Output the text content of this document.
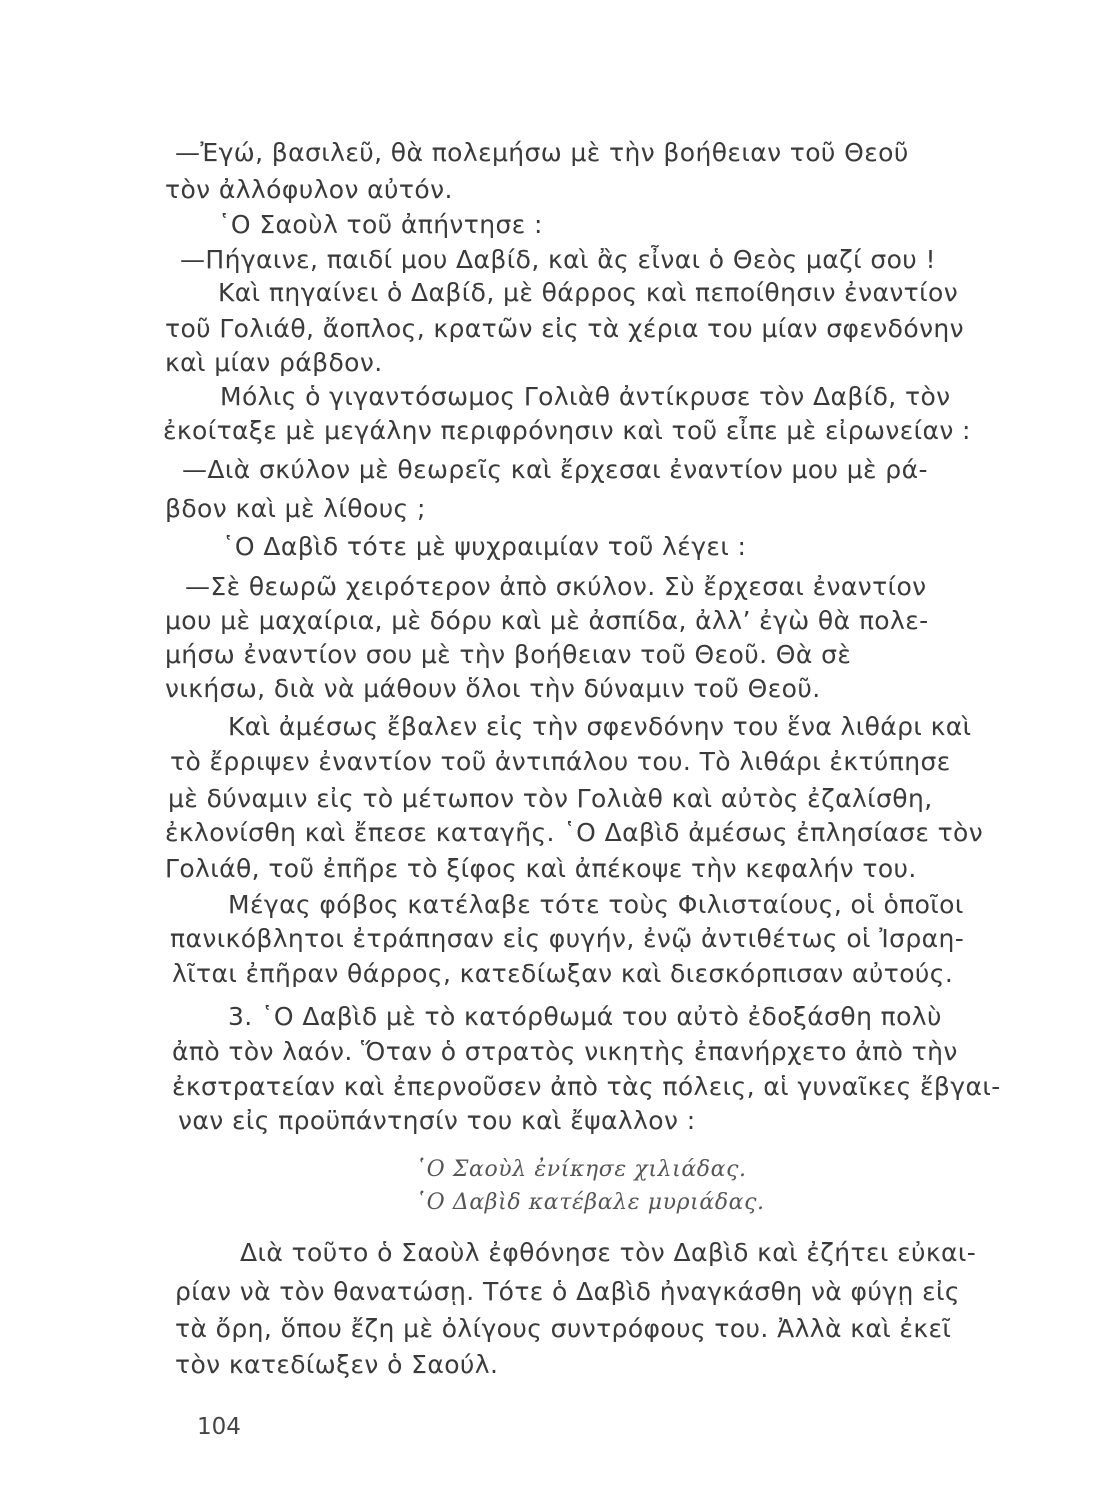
—Ἐγώ, βασιλεῦ, θὰ πολεμήσω μὲ τὴν βοήθειαν τοῦ Θεοῦ
τὸν ἀλλόφυλον αὐτόν.
῾Ο Σαοὺλ τοῦ ἀπήντησε :
—Πήγαινε, παιδί μου Δαβίδ, καὶ ἂς εἶναι ὁ Θεὸς μαζί σου !
Καὶ πηγαίνει ὁ Δαβίδ, μὲ θάρρος καὶ πεποίθησιν ἐναντίον
τοῦ Γολιάθ, ἄοπλος, κρατῶν εἰς τὰ χέρια του μίαν σφενδόνην
καὶ μίαν ράβδον.
Μόλις ὁ γιγαντόσωμος Γολιὰθ ἀντίκρυσε τὸν Δαβίδ, τὸν
ἐκοίταξε μὲ μεγάλην περιφρόνησιν καὶ τοῦ εἶπε μὲ εἰρωνείαν :
—Διὰ σκύλον μὲ θεωρεῖς καὶ ἔρχεσαι ἐναντίον μου μὲ ρά-
βδον καὶ μὲ λίθους ;
῾Ο Δαβὶδ τότε μὲ ψυχραιμίαν τοῦ λέγει :
—Σὲ θεωρῶ χειρότερον ἀπὸ σκύλον. Σὺ ἔρχεσαι ἐναντίον
μου μὲ μαχαίρια, μὲ δόρυ καὶ μὲ ἀσπίδα, ἀλλ’ ἐγὼ θὰ πολε-
μήσω ἐναντίον σου μὲ τὴν βοήθειαν τοῦ Θεοῦ. Θὰ σὲ
νικήσω, διὰ νὰ μάθουν ὅλοι τὴν δύναμιν τοῦ Θεοῦ.
Καὶ ἀμέσως ἔβαλεν εἰς τὴν σφενδόνην του ἕνα λιθάρι καὶ
τὸ ἔρριψεν ἐναντίον τοῦ ἀντιπάλου του. Τὸ λιθάρι ἐκτύπησε
μὲ δύναμιν εἰς τὸ μέτωπον τὸν Γολιὰθ καὶ αὐτὸς ἐζαλίσθη,
ἐκλονίσθη καὶ ἔπεσε καταγῆς. ῾Ο Δαβὶδ ἀμέσως ἐπλησίασε τὸν
Γολιάθ, τοῦ ἐπῆρε τὸ ξίφος καὶ ἀπέκοψε τὴν κεφαλήν του.
Μέγας φόβος κατέλαβε τότε τοὺς Φιλισταίους, οἱ ὁποῖοι
πανικόβλητοι ἐτράπησαν εἰς φυγήν, ἐνῷ ἀντιθέτως οἱ Ἰσραη-
λῖται ἐπῆραν θάρρος, κατεδίωξαν καὶ διεσκόρπισαν αὐτούς.
3. ῾Ο Δαβὶδ μὲ τὸ κατόρθωμά του αὐτὸ ἐδοξάσθη πολὺ
ἀπὸ τὸν λαόν. Ὅταν ὁ στρατὸς νικητὴς ἐπανήρχετο ἀπὸ τὴν
ἐκστρατείαν καὶ ἐπερνοῦσεν ἀπὸ τὰς πόλεις, αἱ γυναῖκες ἔβγαι-
ναν εἰς προϋπάντησίν του καὶ ἔψαλλον :
῾Ο Σαοὺλ ἐνίκησε χιλιάδας.
῾Ο Δαβὶδ κατέβαλε μυριάδας.
Διὰ τοῦτο ὁ Σαοὺλ ἐφθόνησε τὸν Δαβὶδ καὶ ἐζήτει εὐκαι-
ρίαν νὰ τὸν θανατώσῃ. Τότε ὁ Δαβὶδ ἠναγκάσθη νὰ φύγῃ εἰς
τὰ ὄρη, ὅπου ἔζη μὲ ὀλίγους συντρόφους του. Ἀλλὰ καὶ ἐκεῖ
τὸν κατεδίωξεν ὁ Σαούλ.
104
